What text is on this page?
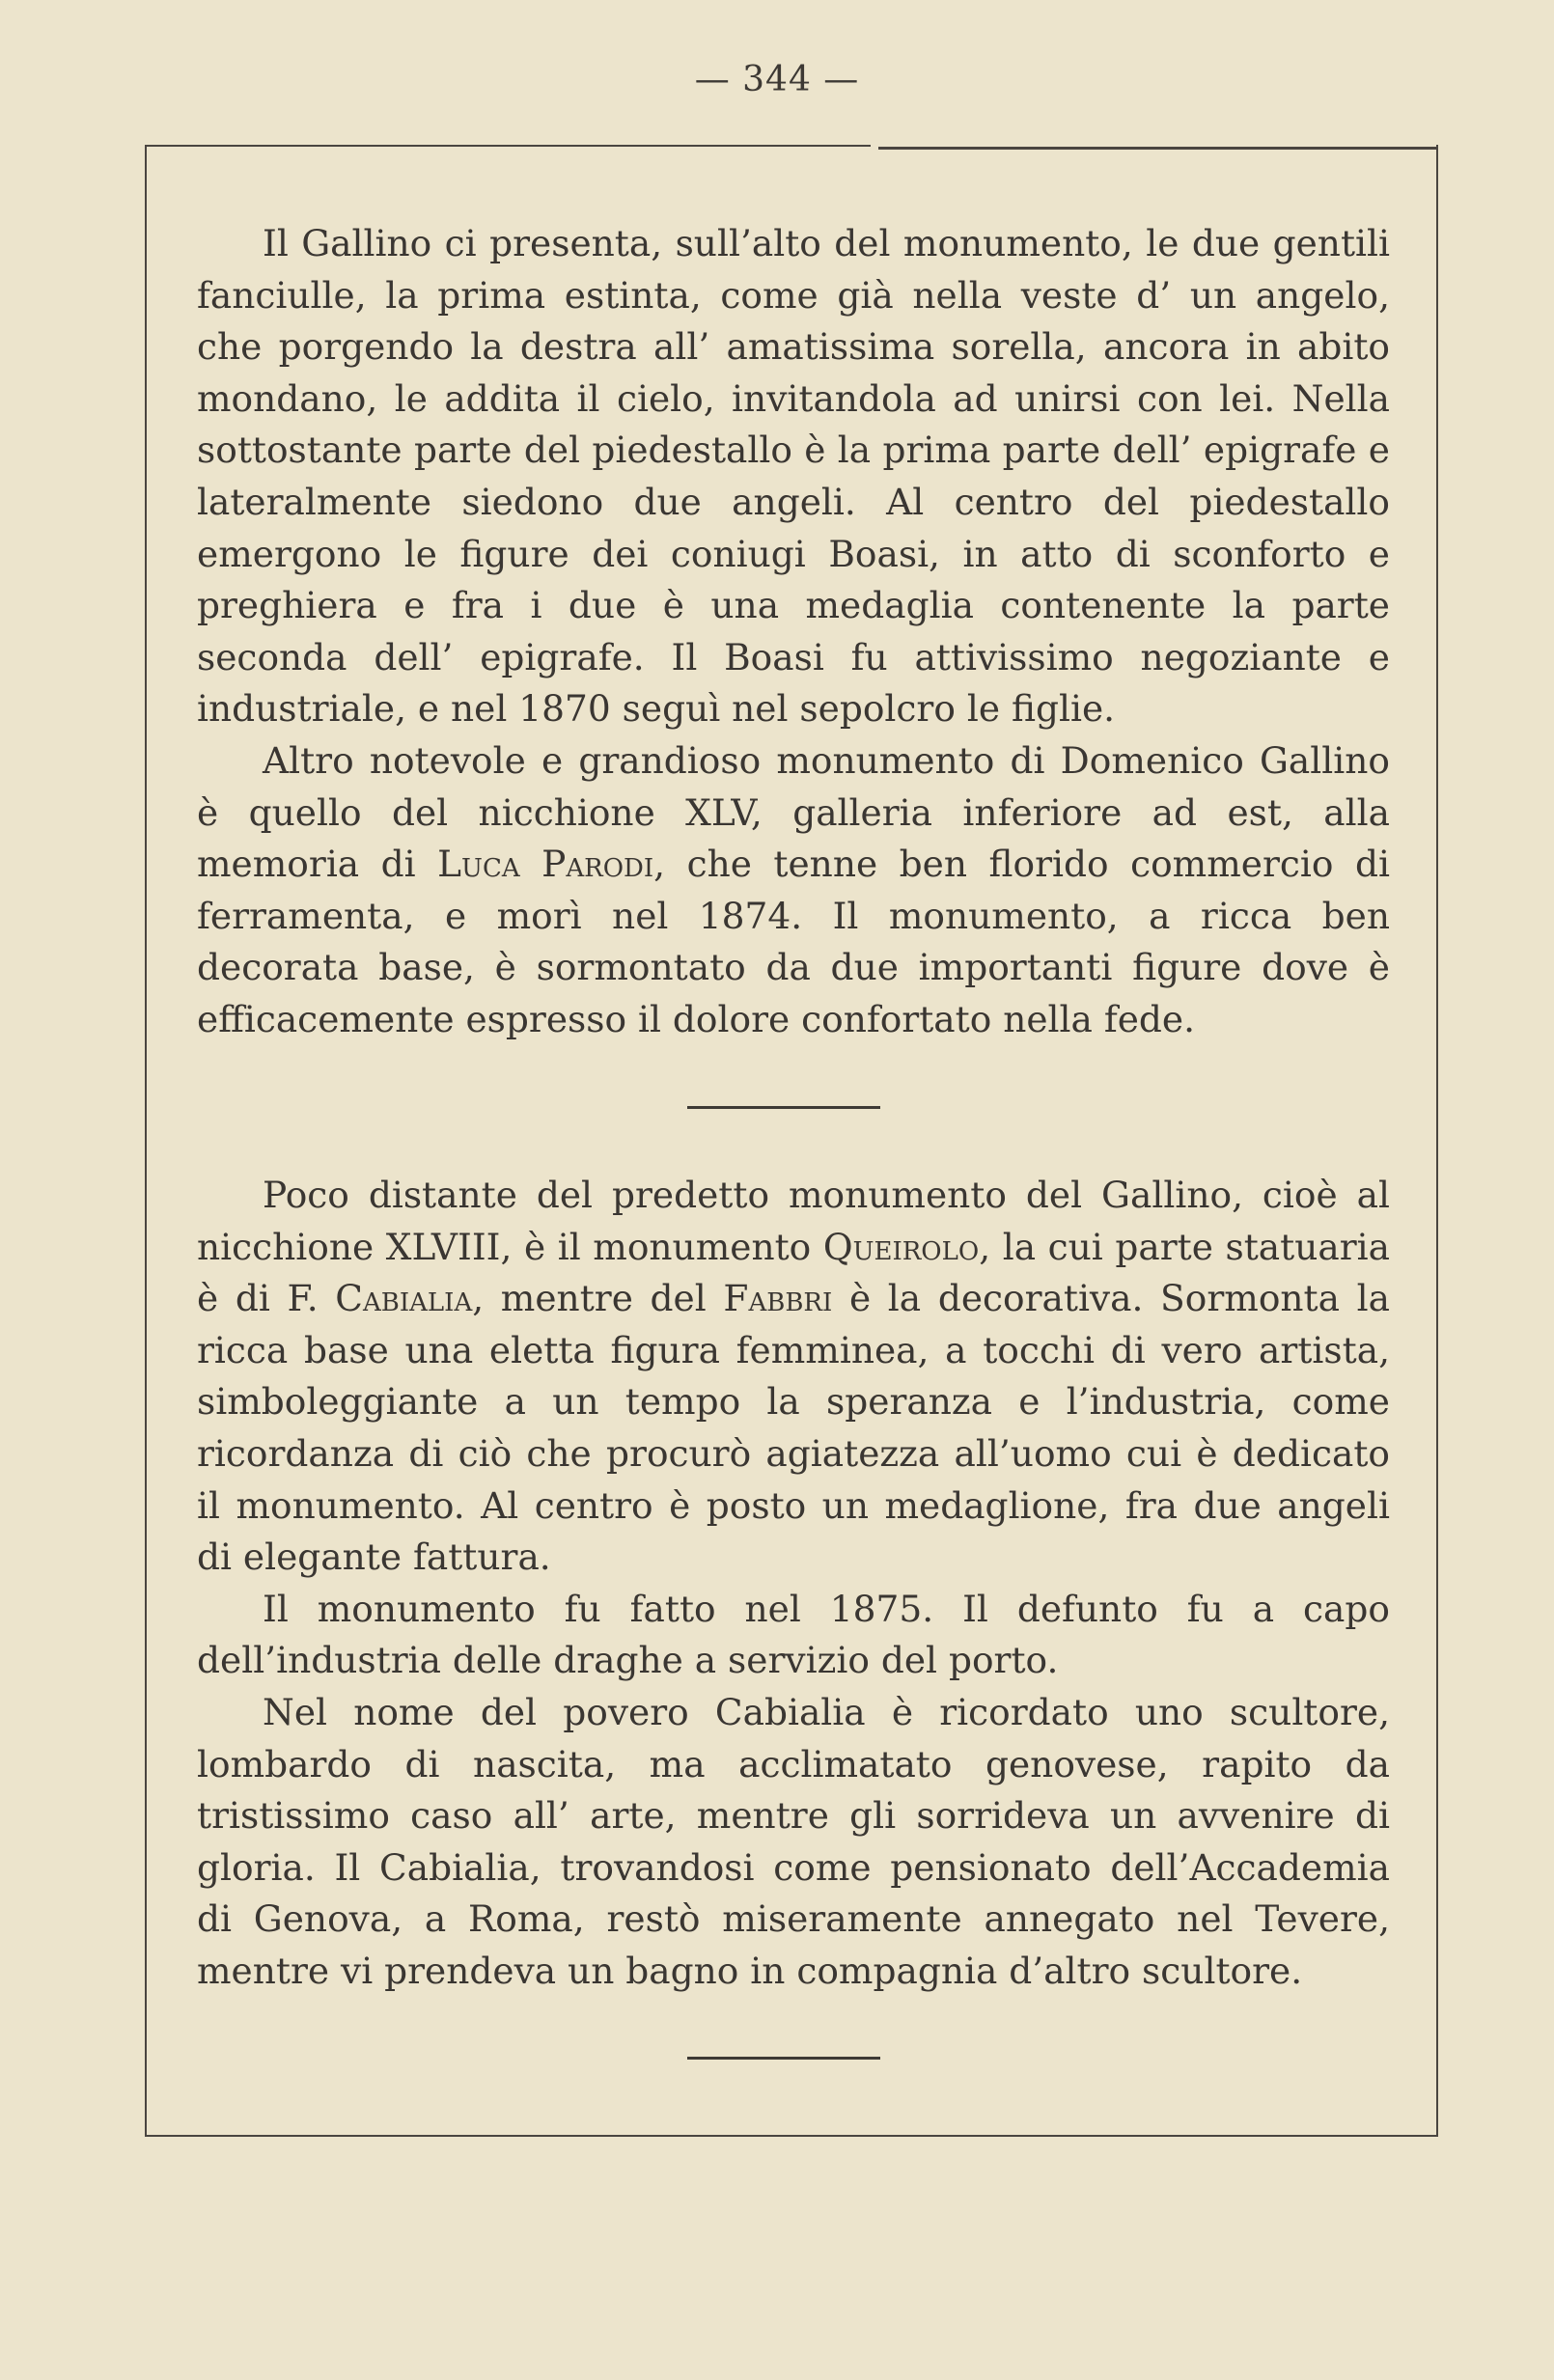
— 344 —

Il Gallino ci presenta, sull’alto del monumento, le due gentili fanciulle, la prima estinta, come già nella veste d’ un angelo, che porgendo la destra all’ amatissima sorella, ancora in abito mondano, le addita il cielo, invitandola ad unirsi con lei. Nella sottostante parte del piedestallo è la prima parte dell’ epigrafe e lateralmente siedono due angeli. Al centro del piedestallo emergono le figure dei coniugi Boasi, in atto di sconforto e preghiera e fra i due è una medaglia contenente la parte seconda dell’ epigrafe. Il Boasi fu attivissimo negoziante e industriale, e nel 1870 seguì nel sepolcro le figlie.

Altro notevole e grandioso monumento di Domenico Gallino è quello del nicchione XLV, galleria inferiore ad est, alla memoria di Luca Parodi, che tenne ben florido commercio di ferramenta, e morì nel 1874. Il monumento, a ricca ben decorata base, è sormontato da due importanti figure dove è efficacemente espresso il dolore confortato nella fede.

Poco distante del predetto monumento del Gallino, cioè al nicchione XLVIII, è il monumento Queirolo, la cui parte statuaria è di F. Cabialia, mentre del Fabbri è la decorativa. Sormonta la ricca base una eletta figura femminea, a tocchi di vero artista, simboleggiante a un tempo la speranza e l’industria, come ricordanza di ciò che procurò agiatezza all’uomo cui è dedicato il monumento. Al centro è posto un medaglione, fra due angeli di elegante fattura.

Il monumento fu fatto nel 1875. Il defunto fu a capo dell’industria delle draghe a servizio del porto.

Nel nome del povero Cabialia è ricordato uno scultore, lombardo di nascita, ma acclimatato genovese, rapito da tristissimo caso all’ arte, mentre gli sorrideva un avvenire di gloria. Il Cabialia, trovandosi come pensionato dell’Accademia di Genova, a Roma, restò miseramente annegato nel Tevere, mentre vi prendeva un bagno in compagnia d’altro scultore.
